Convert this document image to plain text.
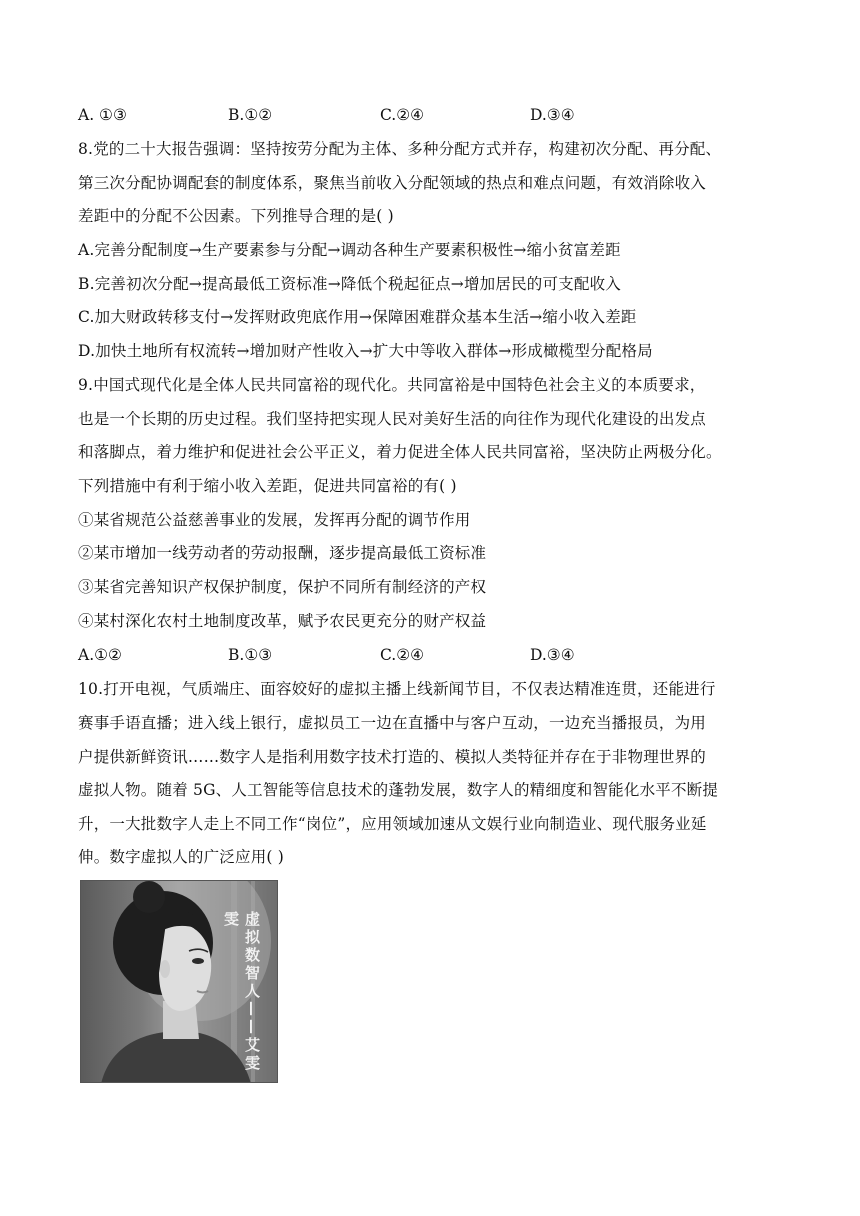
A. ①③	B.①②	C.②④	D.③④
8.党的二十大报告强调：坚持按劳分配为主体、多种分配方式并存，构建初次分配、再分配、
第三次分配协调配套的制度体系，聚焦当前收入分配领域的热点和难点问题，有效消除收入
差距中的分配不公因素。下列推导合理的是( )
A.完善分配制度→生产要素参与分配→调动各种生产要素积极性→缩小贫富差距
B.完善初次分配→提高最低工资标准→降低个税起征点→增加居民的可支配收入
C.加大财政转移支付→发挥财政兜底作用→保障困难群众基本生活→缩小收入差距
D.加快土地所有权流转→增加财产性收入→扩大中等收入群体→形成橄榄型分配格局
9.中国式现代化是全体人民共同富裕的现代化。共同富裕是中国特色社会主义的本质要求，
也是一个长期的历史过程。我们坚持把实现人民对美好生活的向往作为现代化建设的出发点
和落脚点，着力维护和促进社会公平正义，着力促进全体人民共同富裕，坚决防止两极分化。
下列措施中有利于缩小收入差距，促进共同富裕的有( )
①某省规范公益慈善事业的发展，发挥再分配的调节作用
②某市增加一线劳动者的劳动报酬，逐步提高最低工资标准
③某省完善知识产权保护制度，保护不同所有制经济的产权
④某村深化农村土地制度改革，赋予农民更充分的财产权益
A.①②	B.①③	C.②④	D.③④
10.打开电视，气质端庄、面容姣好的虚拟主播上线新闻节目，不仅表达精准连贯，还能进行
赛事手语直播；进入线上银行，虚拟员工一边在直播中与客户互动，一边充当播报员，为用
户提供新鲜资讯……数字人是指利用数字技术打造的、模拟人类特征并存在于非物理世界的
虚拟人物。随着 5G、人工智能等信息技术的蓬勃发展，数字人的精细度和智能化水平不断提
升，一大批数字人走上不同工作“岗位”，应用领域加速从文娱行业向制造业、现代服务业延
伸。数字虚拟人的广泛应用( )
虚拟数智人——艾雯雯
